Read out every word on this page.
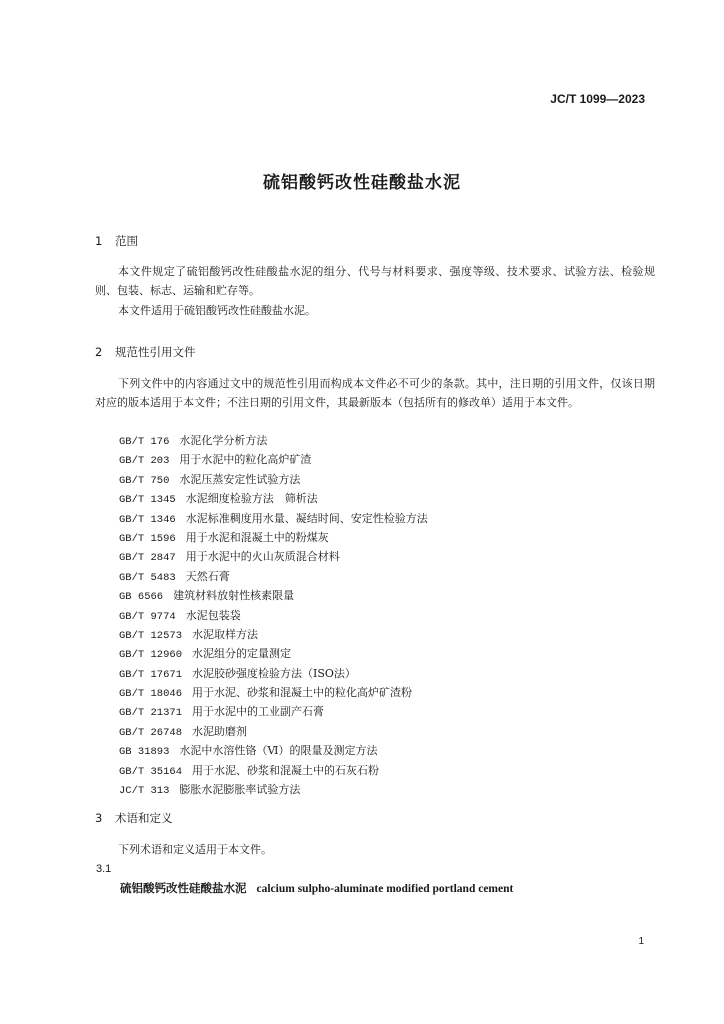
JC/T 1099—2023
硫铝酸钙改性硅酸盐水泥
1 范围
本文件规定了硫铝酸钙改性硅酸盐水泥的组分、代号与材料要求、强度等级、技术要求、试验方法、检验规则、包装、标志、运输和贮存等。
本文件适用于硫铝酸钙改性硅酸盐水泥。
2 规范性引用文件
下列文件中的内容通过文中的规范性引用而构成本文件必不可少的条款。其中，注日期的引用文件，仅该日期对应的版本适用于本文件；不注日期的引用文件，其最新版本（包括所有的修改单）适用于本文件。
GB/T 176 水泥化学分析方法
GB/T 203 用于水泥中的粒化高炉矿渣
GB/T 750 水泥压蒸安定性试验方法
GB/T 1345 水泥细度检验方法　筛析法
GB/T 1346 水泥标准稠度用水量、凝结时间、安定性检验方法
GB/T 1596 用于水泥和混凝土中的粉煤灰
GB/T 2847 用于水泥中的火山灰质混合材料
GB/T 5483 天然石膏
GB 6566 建筑材料放射性核素限量
GB/T 9774 水泥包装袋
GB/T 12573 水泥取样方法
GB/T 12960 水泥组分的定量测定
GB/T 17671 水泥胶砂强度检验方法（ISO法）
GB/T 18046 用于水泥、砂浆和混凝土中的粒化高炉矿渣粉
GB/T 21371 用于水泥中的工业副产石膏
GB/T 26748 水泥助磨剂
GB 31893 水泥中水溶性铬（Ⅵ）的限量及测定方法
GB/T 35164 用于水泥、砂浆和混凝土中的石灰石粉
JC/T 313 膨胀水泥膨胀率试验方法
3 术语和定义
下列术语和定义适用于本文件。
3.1
硫铝酸钙改性硅酸盐水泥 calcium sulpho-aluminate modified portland cement
1
